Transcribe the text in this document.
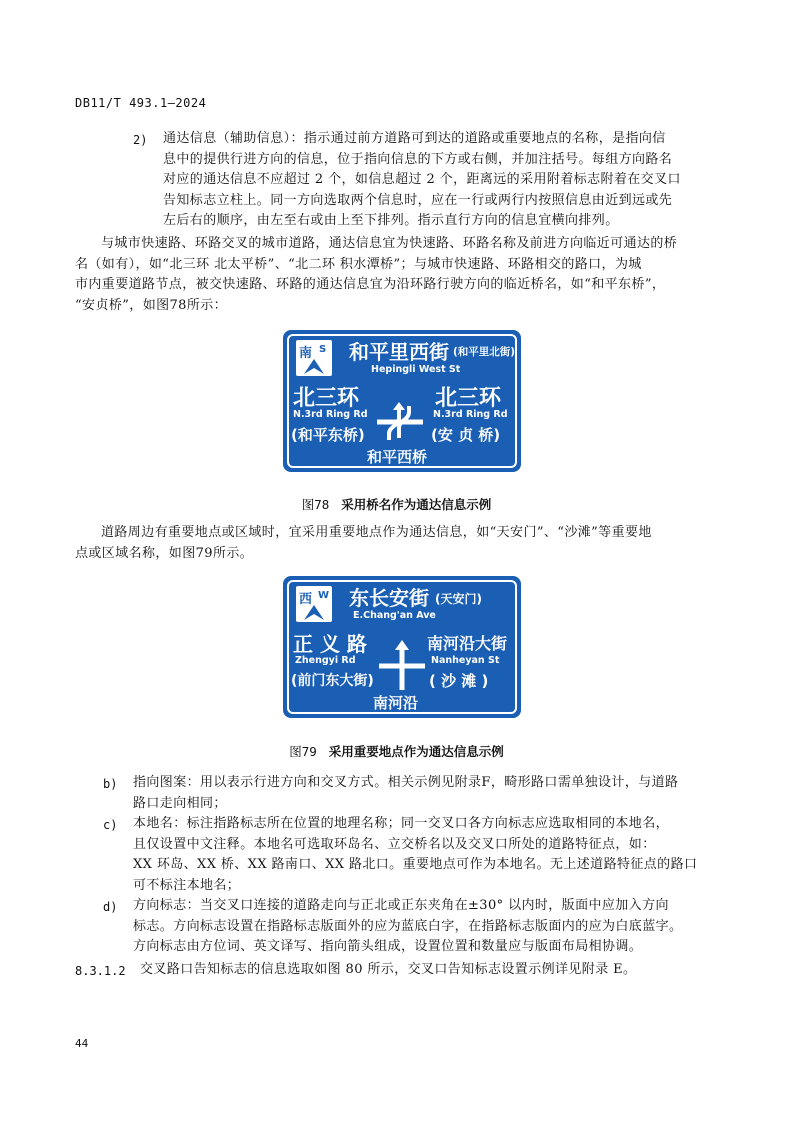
DB11/T 493.1—2024
2) 通达信息（辅助信息）：指示通过前方道路可到达的道路或重要地点的名称，是指向信
息中的提供行进方向的信息，位于指向信息的下方或右侧，并加注括号。每组方向路名
对应的通达信息不应超过 2 个，如信息超过 2 个，距离远的采用附着标志附着在交叉口
告知标志立柱上。同一方向选取两个信息时，应在一行或两行内按照信息由近到远或先
左后右的顺序，由左至右或由上至下排列。指示直行方向的信息宜横向排列。
与城市快速路、环路交叉的城市道路，通达信息宜为快速路、环路名称及前进方向临近可通达的桥
名（如有），如“北三环 北太平桥”、“北二环 积水潭桥”；与城市快速路、环路相交的路口，为城
市内重要道路节点，被交快速路、环路的通达信息宜为沿环路行驶方向的临近桥名，如“和平东桥”，
“安贞桥”，如图78所示：
南 S 和平里西街 (和平里北街)
Hepingli West St
北三环
N.3rd Ring Rd
(和平东桥)
北三环
N.3rd Ring Rd
(安 贞 桥)
和平西桥
图78 采用桥名作为通达信息示例
道路周边有重要地点或区域时，宜采用重要地点作为通达信息，如“天安门”、“沙滩”等重要地
点或区域名称，如图79所示。
西 W 东长安街 (天安门)
E.Chang'an Ave
正 义 路
Zhengyi Rd
(前门东大街)
南河沿大街
Nanheyan St
( 沙 滩 )
南河沿
图79 采用重要地点作为通达信息示例
b) 指向图案：用以表示行进方向和交叉方式。相关示例见附录F，畸形路口需单独设计，与道路
路口走向相同；
c) 本地名：标注指路标志所在位置的地理名称；同一交叉口各方向标志应选取相同的本地名，
且仅设置中文注释。本地名可选取环岛名、立交桥名以及交叉口所处的道路特征点，如：
XX 环岛、XX 桥、XX 路南口、XX 路北口。重要地点可作为本地名。无上述道路特征点的路口
可不标注本地名；
d) 方向标志：当交叉口连接的道路走向与正北或正东夹角在±30° 以内时，版面中应加入方向
标志。方向标志设置在指路标志版面外的应为蓝底白字，在指路标志版面内的应为白底蓝字。
方向标志由方位词、英文译写、指向箭头组成，设置位置和数量应与版面布局相协调。
8.3.1.2 交叉路口告知标志的信息选取如图 80 所示，交叉口告知标志设置示例详见附录 E。
44
